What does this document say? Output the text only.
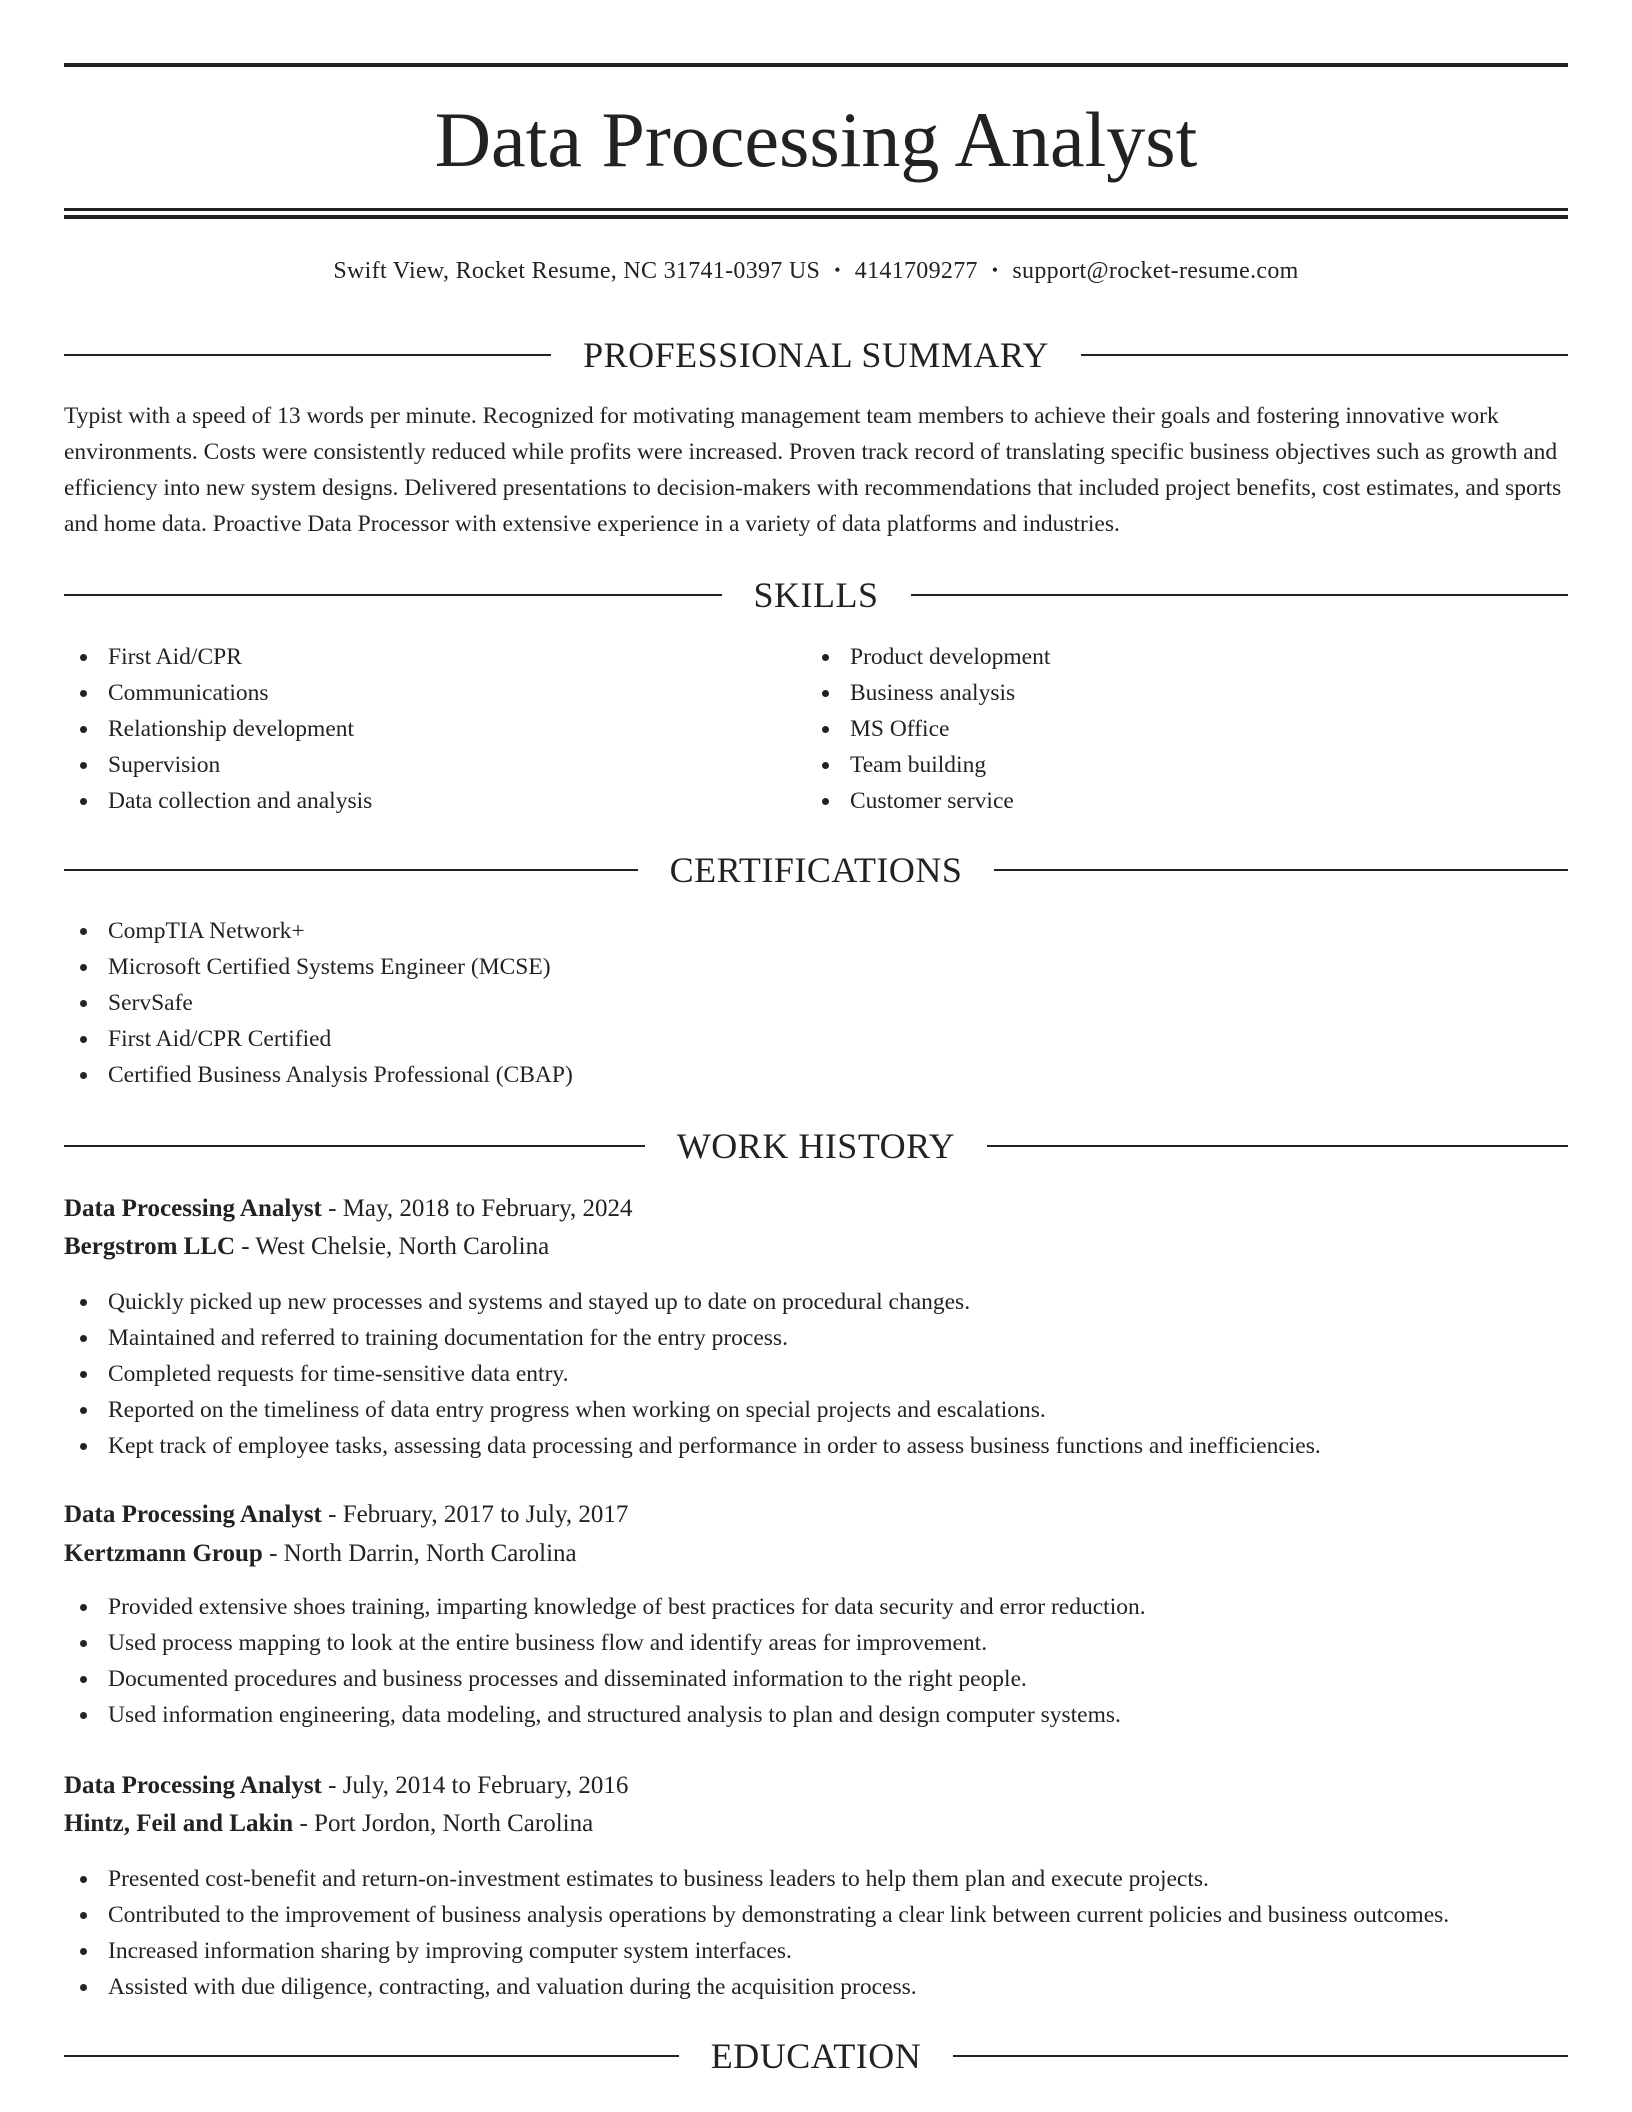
Data Processing Analyst
Swift View, Rocket Resume, NC 31741-0397 US • 4141709277 • support@rocket-resume.com
PROFESSIONAL SUMMARY

Typist with a speed of 13 words per minute. Recognized for motivating management team members to achieve their goals and fostering innovative work environments. Costs were consistently reduced while profits were increased. Proven track record of translating specific business objectives such as growth and efficiency into new system designs. Delivered presentations to decision-makers with recommendations that included project benefits, cost estimates, and sports and home data. Proactive Data Processor with extensive experience in a variety of data platforms and industries.

SKILLS
First Aid/CPR
Communications
Relationship development
Supervision
Data collection and analysis
Product development
Business analysis
MS Office
Team building
Customer service
CERTIFICATIONS
CompTIA Network+
Microsoft Certified Systems Engineer (MCSE)
ServSafe
First Aid/CPR Certified
Certified Business Analysis Professional (CBAP)
WORK HISTORY
Data Processing Analyst - May, 2018 to February, 2024
Bergstrom LLC - West Chelsie, North Carolina
Quickly picked up new processes and systems and stayed up to date on procedural changes.
Maintained and referred to training documentation for the entry process.
Completed requests for time-sensitive data entry.
Reported on the timeliness of data entry progress when working on special projects and escalations.
Kept track of employee tasks, assessing data processing and performance in order to assess business functions and inefficiencies.
Data Processing Analyst - February, 2017 to July, 2017
Kertzmann Group - North Darrin, North Carolina
Provided extensive shoes training, imparting knowledge of best practices for data security and error reduction.
Used process mapping to look at the entire business flow and identify areas for improvement.
Documented procedures and business processes and disseminated information to the right people.
Used information engineering, data modeling, and structured analysis to plan and design computer systems.
Data Processing Analyst - July, 2014 to February, 2016
Hintz, Feil and Lakin - Port Jordon, North Carolina
Presented cost-benefit and return-on-investment estimates to business leaders to help them plan and execute projects.
Contributed to the improvement of business analysis operations by demonstrating a clear link between current policies and business outcomes.
Increased information sharing by improving computer system interfaces.
Assisted with due diligence, contracting, and valuation during the acquisition process.
EDUCATION
